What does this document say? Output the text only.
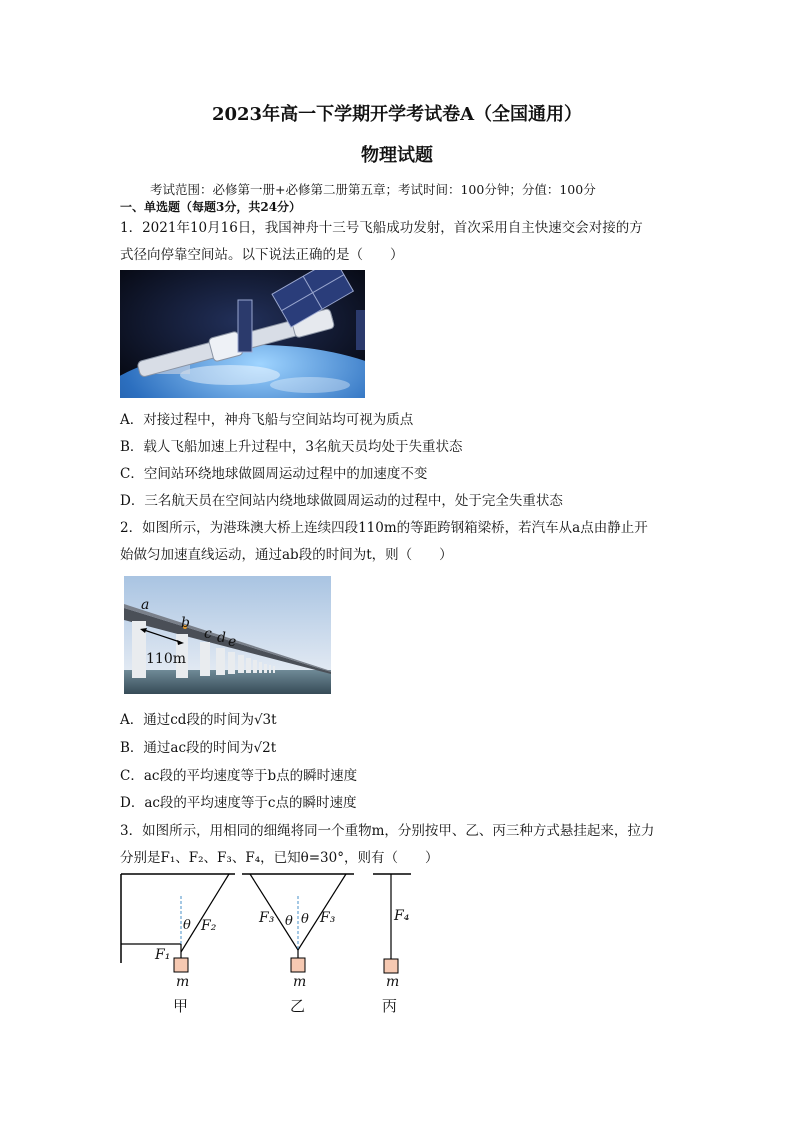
2023年高一下学期开学考试卷A（全国通用）
物理试题
考试范围：必修第一册+必修第二册第五章；考试时间：100分钟；分值：100分
一、单选题（每题3分，共24分）
1．2021年10月16日，我国神舟十三号飞船成功发射，首次采用自主快速交会对接的方
式径向停靠空间站。以下说法正确的是（　　）
A．对接过程中，神舟飞船与空间站均可视为质点
B．载人飞船加速上升过程中，3名航天员均处于失重状态
C．空间站环绕地球做圆周运动过程中的加速度不变
D．三名航天员在空间站内绕地球做圆周运动的过程中，处于完全失重状态
2．如图所示，为港珠澳大桥上连续四段110m的等距跨钢箱梁桥，若汽车从a点由静止开
始做匀加速直线运动，通过ab段的时间为t，则（　　）
a
b
c d e
110m
A．通过cd段的时间为√3t
B．通过ac段的时间为√2t
C．ac段的平均速度等于b点的瞬时速度
D．ac段的平均速度等于c点的瞬时速度
3．如图所示，用相同的细绳将同一个重物m，分别按甲、乙、丙三种方式悬挂起来，拉力
分别是F₁、F₂、F₃、F₄，已知θ=30°，则有（　　）
θ F₂
F₁
m
甲
F₃ θ θ F₃
m
乙
F₄
m
丙
